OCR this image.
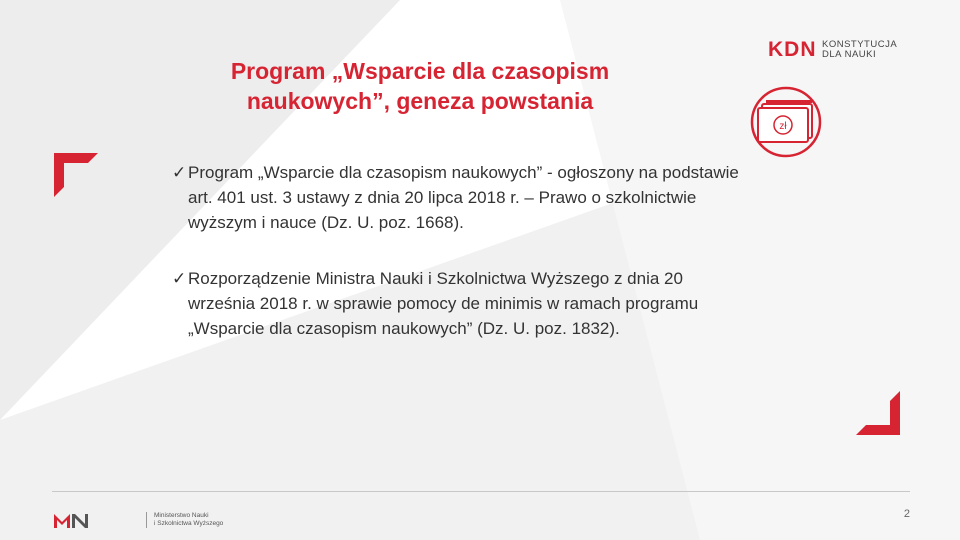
Program „Wsparcie dla czasopism
naukowych”, geneza powstania
✓ Program „Wsparcie dla czasopism naukowych” - ogłoszony na podstawie art. 401 ust. 3 ustawy z dnia 20 lipca 2018 r. – Prawo o szkolnictwie wyższym i nauce (Dz. U. poz. 1668).
✓ Rozporządzenie Ministra Nauki i Szkolnictwa Wyższego z dnia 20 września 2018 r. w sprawie pomocy de minimis w ramach programu „Wsparcie dla czasopism naukowych” (Dz. U. poz. 1832).
KDN KONSTYTUCJA
DLA NAUKI
zł
Ministerstwo Nauki
i Szkolnictwa Wyższego
2
